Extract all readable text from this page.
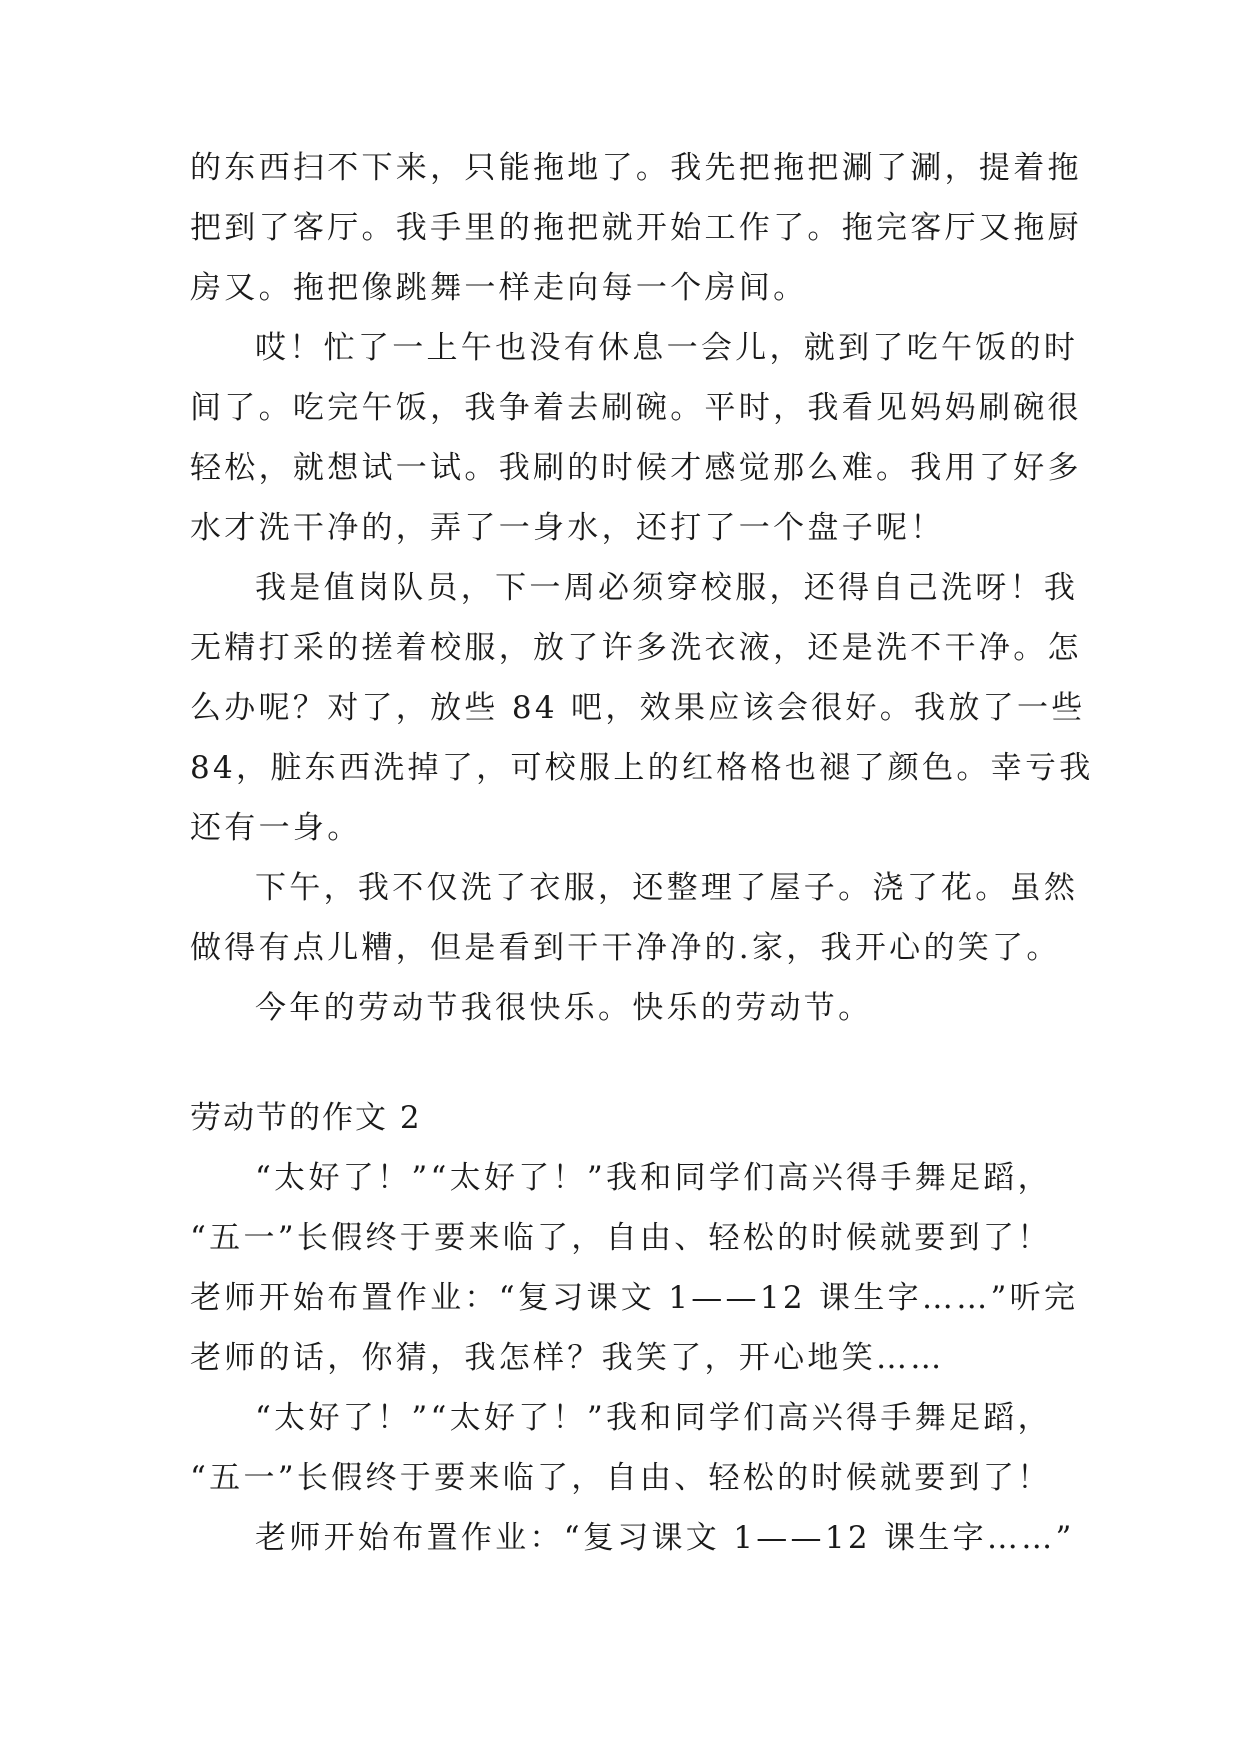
的东西扫不下来，只能拖地了。我先把拖把涮了涮，提着拖
把到了客厅。我手里的拖把就开始工作了。拖完客厅又拖厨
房又。拖把像跳舞一样走向每一个房间。
哎！忙了一上午也没有休息一会儿，就到了吃午饭的时
间了。吃完午饭，我争着去刷碗。平时，我看见妈妈刷碗很
轻松，就想试一试。我刷的时候才感觉那么难。我用了好多
水才洗干净的，弄了一身水，还打了一个盘子呢！
我是值岗队员，下一周必须穿校服，还得自己洗呀！我
无精打采的搓着校服，放了许多洗衣液，还是洗不干净。怎
么办呢？对了，放些 84 吧，效果应该会很好。我放了一些
84，脏东西洗掉了，可校服上的红格格也褪了颜色。幸亏我
还有一身。
下午，我不仅洗了衣服，还整理了屋子。浇了花。虽然
做得有点儿糟，但是看到干干净净的.家，我开心的笑了。
今年的劳动节我很快乐。快乐的劳动节。
劳动节的作文 2
“太好了！”“太好了！”我和同学们高兴得手舞足蹈，
“五一”长假终于要来临了，自由、轻松的时候就要到了！
老师开始布置作业：“复习课文 1——12 课生字……”听完
老师的话，你猜，我怎样？我笑了，开心地笑……
“太好了！”“太好了！”我和同学们高兴得手舞足蹈，
“五一”长假终于要来临了，自由、轻松的时候就要到了！
老师开始布置作业：“复习课文 1——12 课生字……”
